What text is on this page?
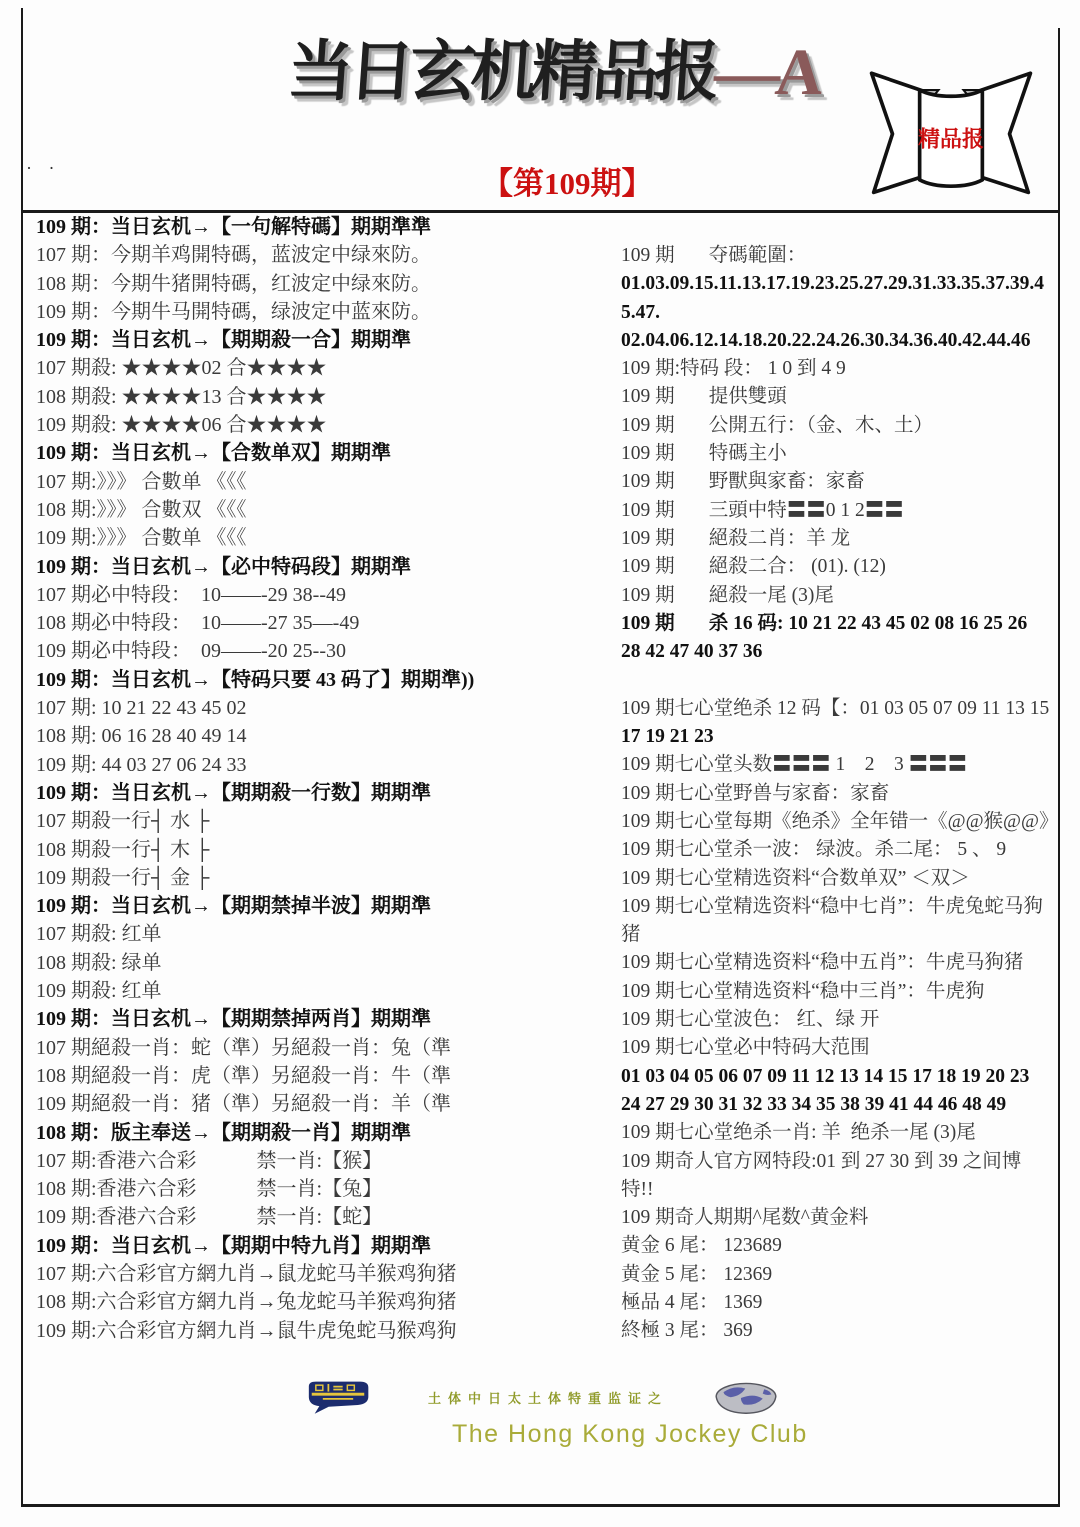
· ·
当日玄机精品报—A
【第109期】
精品报
109 期：当日玄机→【一句解特碼】期期準準
107 期：今期羊鸡開特碼，蓝波定中绿來防。
108 期：今期牛猪開特碼，红波定中绿來防。
109 期：今期牛马開特碼，绿波定中蓝來防。
109 期：当日玄机→【期期殺一合】期期準
107 期殺: ★★★★02 合★★★★
108 期殺: ★★★★13 合★★★★
109 期殺: ★★★★06 合★★★★
109 期：当日玄机→【合数单双】期期準
107 期:》》》 合數单 《《《
108 期:》》》 合數双 《《《
109 期:》》》 合數单 《《《
109 期：当日玄机→【必中特码段】期期準
107 期必中特段：  10——-29 38--49
108 期必中特段：  10——-27 35—-49
109 期必中特段：  09——-20 25--30
109 期：当日玄机→【特码只要 43 码了】期期準))
107 期: 10 21 22 43 45 02
108 期: 06 16 28 40 49 14
109 期: 44 03 27 06 24 33
109 期：当日玄机→【期期殺一行数】期期準
107 期殺一行┤ 水 ├
108 期殺一行┤ 木 ├
109 期殺一行┤ 金 ├
109 期：当日玄机→【期期禁掉半波】期期準
107 期殺: 红单
108 期殺: 绿单
109 期殺: 红单
109 期：当日玄机→【期期禁掉两肖】期期準
107 期絕殺一肖：蛇（準）另絕殺一肖：兔（準
108 期絕殺一肖：虎（準）另絕殺一肖：牛（準
109 期絕殺一肖：猪（準）另絕殺一肖：羊（準
108 期：版主奉送→【期期殺一肖】期期準
107 期:香港六合彩            禁一肖:【猴】
108 期:香港六合彩            禁一肖:【兔】
109 期:香港六合彩            禁一肖:【蛇】
109 期：当日玄机→【期期中特九肖】期期準
107 期:六合彩官方網九肖→鼠龙蛇马羊猴鸡狗猪
108 期:六合彩官方網九肖→兔龙蛇马羊猴鸡狗猪
109 期:六合彩官方網九肖→鼠牛虎兔蛇马猴鸡狗
109 期       夺碼範圍：
01.03.09.15.11.13.17.19.23.25.27.29.31.33.35.37.39.4
5.47.
02.04.06.12.14.18.20.22.24.26.30.34.36.40.42.44.46
109 期:特码 段： 1 0 到 4 9
109 期       提供雙頭
109 期       公開五行：（金、木、土）
109 期       特碼主小
109 期       野獸與家畜：家畜
109 期       三頭中特〓〓0 1 2〓〓
109 期       絕殺二肖：羊 龙
109 期       絕殺二合： (01). (12)
109 期       絕殺一尾 (3)尾
109 期       杀 16 码: 10 21 22 43 45 02 08 16 25 26
28 42 47 40 37 36

109 期七心堂绝杀 12 码【：01 03 05 07 09 11 13 15
17 19 21 23
109 期七心堂头数〓〓〓 1    2    3 〓〓〓
109 期七心堂野兽与家畜：家畜
109 期七心堂每期《绝杀》全年错一《@@猴@@》
109 期七心堂杀一波： 绿波。杀二尾： 5 、 9
109 期七心堂精选资料“合数单双” ＜双＞
109 期七心堂精选资料“稳中七肖”：牛虎兔蛇马狗
猪
109 期七心堂精选资料“稳中五肖”：牛虎马狗猪
109 期七心堂精选资料“稳中三肖”：牛虎狗
109 期七心堂波色： 红、绿 开
109 期七心堂必中特码大范围
01 03 04 05 06 07 09 11 12 13 14 15 17 18 19 20 23
24 27 29 30 31 32 33 34 35 38 39 41 44 46 48 49
109 期七心堂绝杀一肖: 羊  绝杀一尾 (3)尾
109 期奇人官方网特段:01 到 27 30 到 39 之间博
特!!
109 期奇人期期^尾数^黄金料
黄金 6 尾： 123689
黄金 5 尾： 12369
極品 4 尾： 1369
終極 3 尾： 369
土体中日太土体特重监证之
The Hong Kong Jockey Club
